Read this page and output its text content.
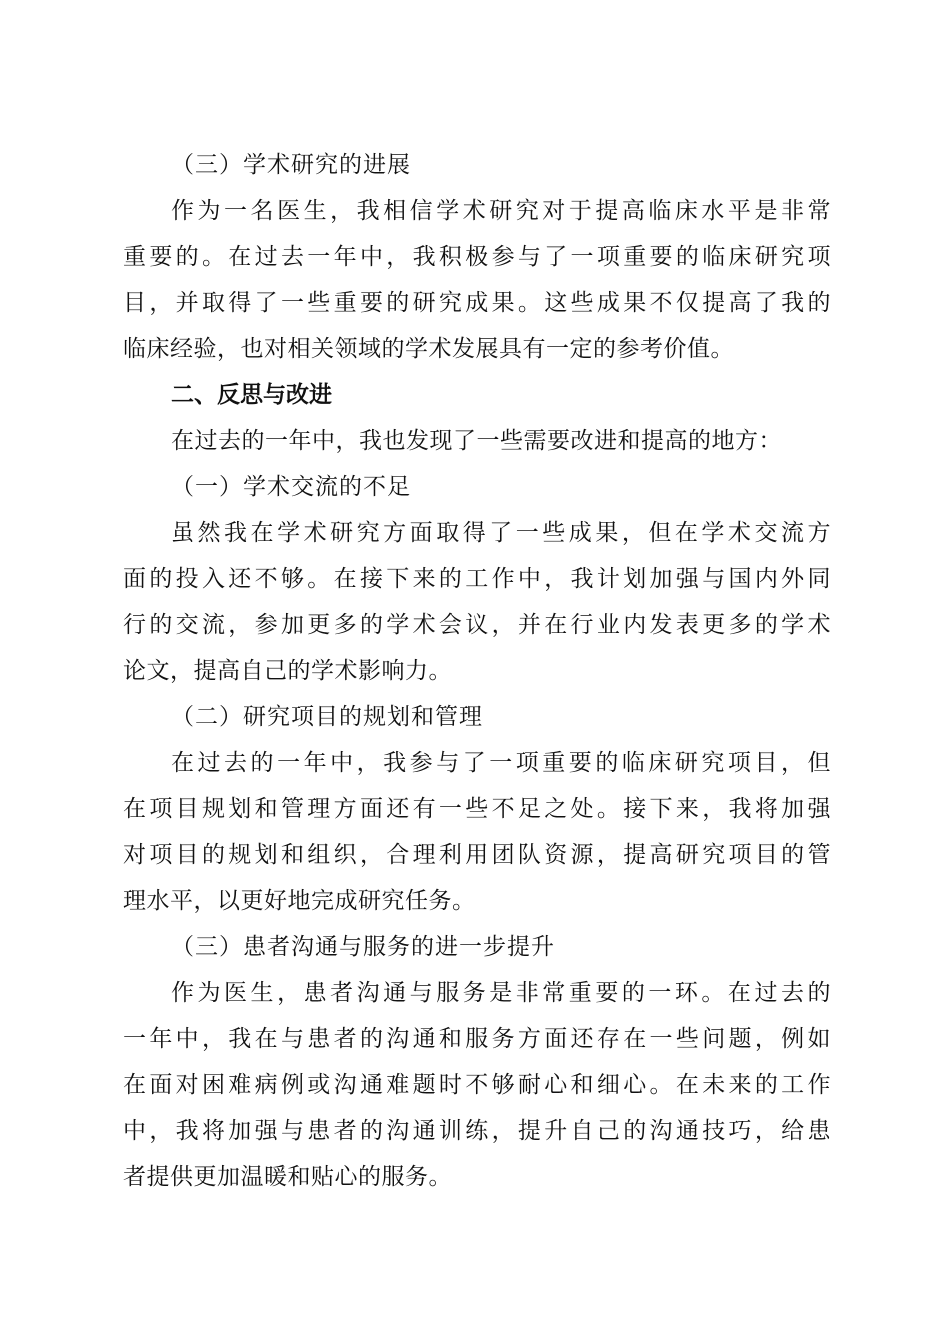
（三）学术研究的进展

作为一名医生，我相信学术研究对于提高临床水平是非常

重要的。在过去一年中，我积极参与了一项重要的临床研究项

目，并取得了一些重要的研究成果。这些成果不仅提高了我的

临床经验，也对相关领域的学术发展具有一定的参考价值。

二、反思与改进

在过去的一年中，我也发现了一些需要改进和提高的地方：

（一）学术交流的不足

虽然我在学术研究方面取得了一些成果，但在学术交流方

面的投入还不够。在接下来的工作中，我计划加强与国内外同

行的交流，参加更多的学术会议，并在行业内发表更多的学术

论文，提高自己的学术影响力。

（二）研究项目的规划和管理

在过去的一年中，我参与了一项重要的临床研究项目，但

在项目规划和管理方面还有一些不足之处。接下来，我将加强

对项目的规划和组织，合理利用团队资源，提高研究项目的管

理水平，以更好地完成研究任务。

（三）患者沟通与服务的进一步提升

作为医生，患者沟通与服务是非常重要的一环。在过去的

一年中，我在与患者的沟通和服务方面还存在一些问题，例如

在面对困难病例或沟通难题时不够耐心和细心。在未来的工作

中，我将加强与患者的沟通训练，提升自己的沟通技巧，给患

者提供更加温暖和贴心的服务。
